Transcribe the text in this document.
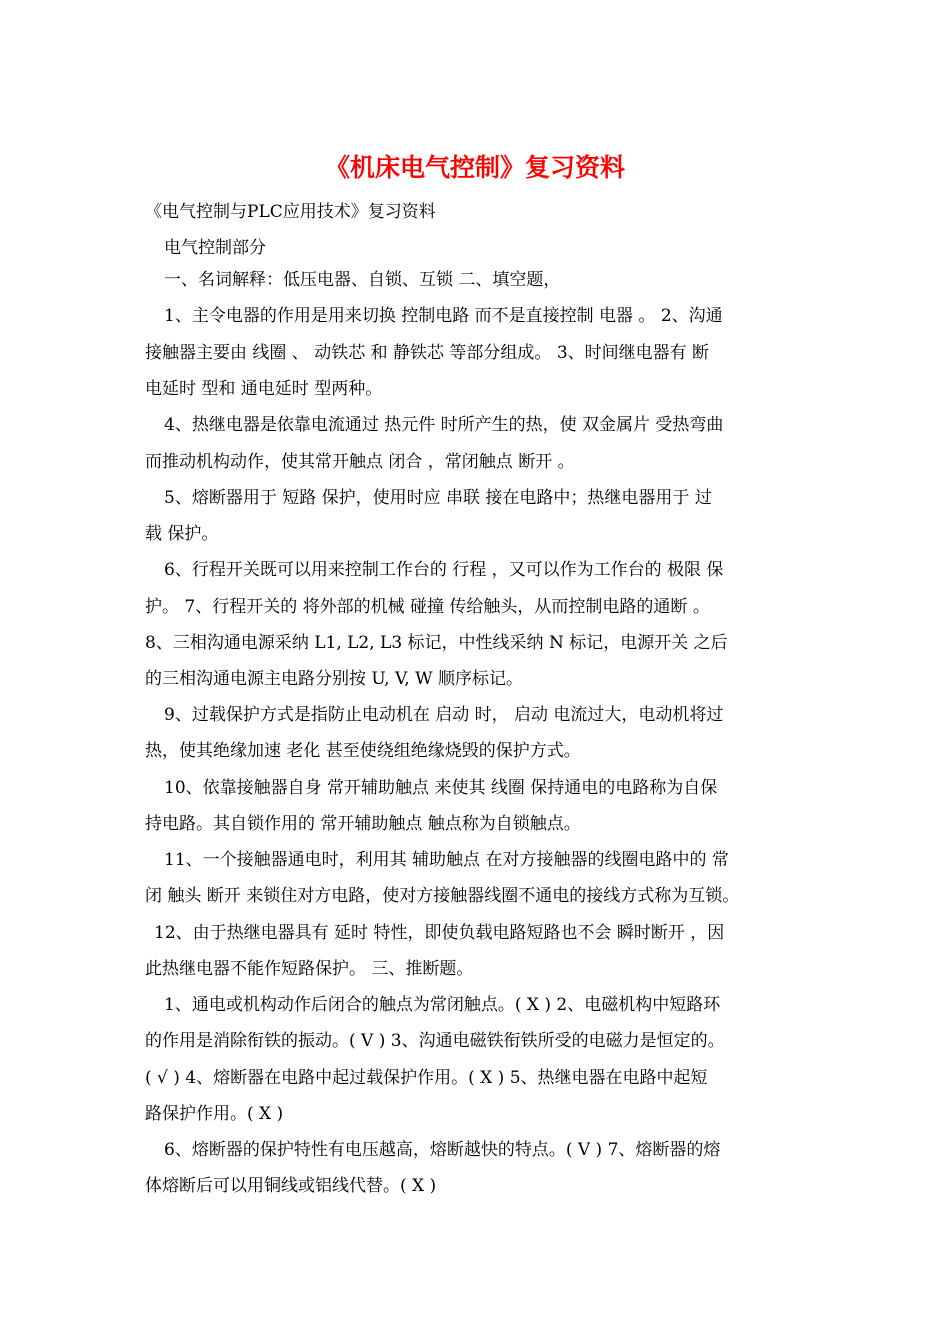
《机床电气控制》复习资料
《电气控制与PLC应用技术》复习资料
电气控制部分
一、名词解释：低压电器、自锁、互锁 二、填空题，
1、主令电器的作用是用来切换 控制电路 而不是直接控制 电器 。 2、沟通
接触器主要由 线圈 、 动铁芯 和 静铁芯 等部分组成。 3、时间继电器有 断
电延时 型和 通电延时 型两种。
4、热继电器是依靠电流通过 热元件 时所产生的热，使 双金属片 受热弯曲
而推动机构动作，使其常开触点 闭合 ，常闭触点 断开 。
5、熔断器用于 短路 保护，使用时应 串联 接在电路中；热继电器用于 过
载 保护。
6、行程开关既可以用来控制工作台的 行程 ，又可以作为工作台的 极限 保
护。 7、行程开关的 将外部的机械 碰撞 传给触头，从而控制电路的通断 。
8、三相沟通电源采纳 L1, L2, L3 标记，中性线采纳 N 标记，电源开关 之后
的三相沟通电源主电路分别按 U, V, W 顺序标记。
9、过载保护方式是指防止电动机在 启动 时， 启动 电流过大，电动机将过
热，使其绝缘加速 老化 甚至使绕组绝缘烧毁的保护方式。
10、依靠接触器自身 常开辅助触点 来使其 线圈 保持通电的电路称为自保
持电路。其自锁作用的 常开辅助触点 触点称为自锁触点。
11、一个接触器通电时，利用其 辅助触点 在对方接触器的线圈电路中的 常
闭 触头 断开 来锁住对方电路，使对方接触器线圈不通电的接线方式称为互锁。
12、由于热继电器具有 延时 特性，即使负载电路短路也不会 瞬时断开 ，因
此热继电器不能作短路保护。 三、推断题。
1、通电或机构动作后闭合的触点为常闭触点。( X ) 2、电磁机构中短路环
的作用是消除衔铁的振动。( V ) 3、沟通电磁铁衔铁所受的电磁力是恒定的。
( √ ) 4、熔断器在电路中起过载保护作用。( X ) 5、热继电器在电路中起短
路保护作用。( X )
6、熔断器的保护特性有电压越高，熔断越快的特点。( V ) 7、熔断器的熔
体熔断后可以用铜线或铝线代替。( X )
